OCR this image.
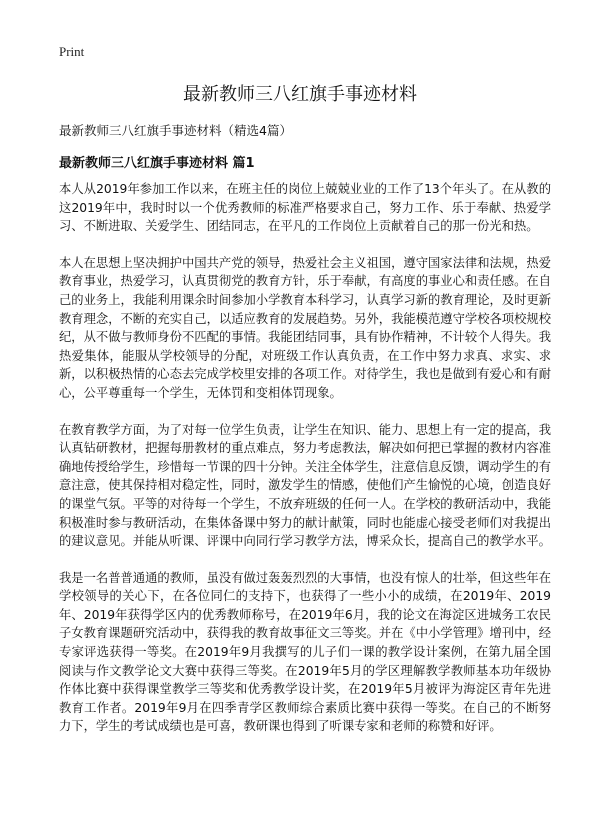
Print
最新教师三八红旗手事迹材料

最新教师三八红旗手事迹材料（精选4篇）

最新教师三八红旗手事迹材料 篇1

本人从2019年参加工作以来，在班主任的岗位上兢兢业业的工作了13个年头了。在从教的这2019年中，我时时以一个优秀教师的标准严格要求自己，努力工作、乐于奉献、热爱学习、不断进取、关爱学生、团结同志，在平凡的工作岗位上贡献着自己的那一份光和热。

本人在思想上坚决拥护中国共产党的领导，热爱社会主义祖国，遵守国家法律和法规，热爱教育事业，热爱学习，认真贯彻党的教育方针，乐于奉献，有高度的事业心和责任感。在自己的业务上，我能利用课余时间参加小学教育本科学习，认真学习新的教育理论，及时更新教育理念，不断的充实自己，以适应教育的发展趋势。另外，我能模范遵守学校各项校规校纪，从不做与教师身份不匹配的事情。我能团结同事，具有协作精神，不计较个人得失。我热爱集体，能服从学校领导的分配，对班级工作认真负责，在工作中努力求真、求实、求新，以积极热情的心态去完成学校里安排的各项工作。对待学生，我也是做到有爱心和有耐心，公平尊重每一个学生，无体罚和变相体罚现象。

在教育教学方面，为了对每一位学生负责，让学生在知识、能力、思想上有一定的提高，我认真钻研教材，把握每册教材的重点难点，努力考虑教法，解决如何把已掌握的教材内容准确地传授给学生，珍惜每一节课的四十分钟。关注全体学生，注意信息反馈，调动学生的有意注意，使其保持相对稳定性，同时，激发学生的情感，使他们产生愉悦的心境，创造良好的课堂气氛。平等的对待每一个学生，不放弃班级的任何一人。在学校的教研活动中，我能积极准时参与教研活动，在集体备课中努力的献计献策，同时也能虚心接受老师们对我提出的建议意见。并能从听课、评课中向同行学习教学方法，博采众长，提高自己的教学水平。

我是一名普普通通的教师，虽没有做过轰轰烈烈的大事情，也没有惊人的壮举，但这些年在学校领导的关心下，在各位同仁的支持下，也获得了一些小小的成绩，在2019年、2019年、2019年获得学区内的优秀教师称号，在2019年6月，我的论文在海淀区进城务工农民子女教育课题研究活动中，获得我的教育故事征文三等奖。并在《中小学管理》增刊中，经专家评选获得一等奖。在2019年9月我撰写的儿子们一课的教学设计案例，在第九届全国阅读与作文教学论文大赛中获得三等奖。在2019年5月的学区理解教学教师基本功年级协作体比赛中获得课堂教学三等奖和优秀教学设计奖，在2019年5月被评为海淀区青年先进教育工作者。2019年9月在四季青学区教师综合素质比赛中获得一等奖。在自己的不断努力下，学生的考试成绩也是可喜，教研课也得到了听课专家和老师的称赞和好评。
